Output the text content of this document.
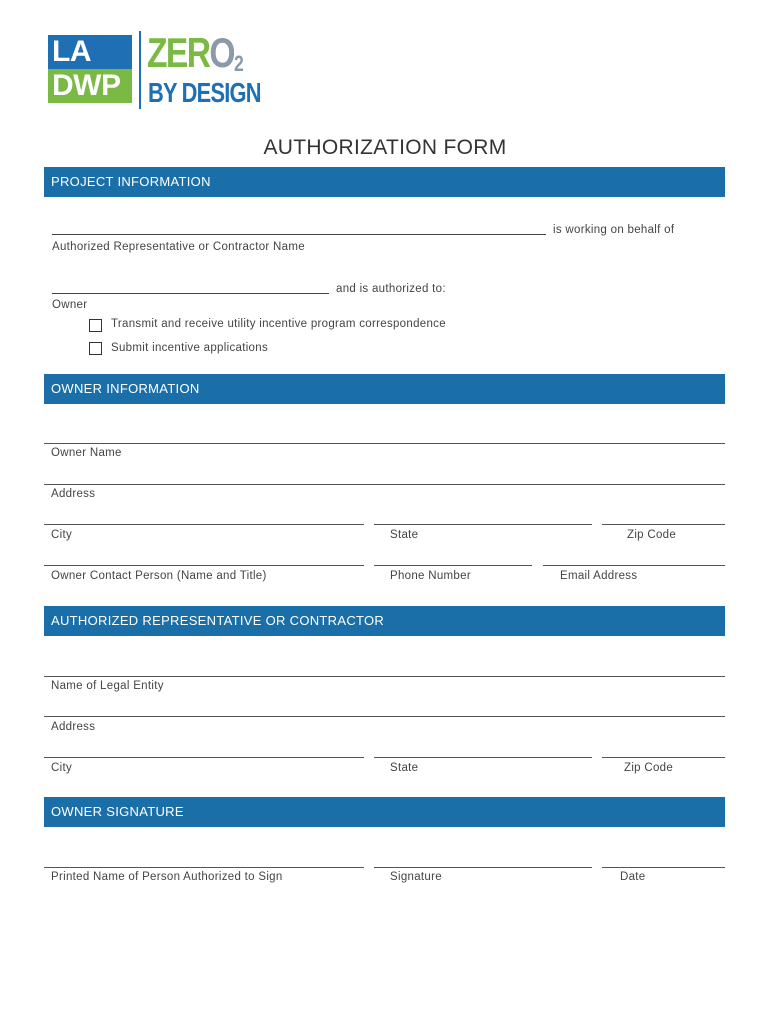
LA
DWP
$ZERO_2$
BY DESIGN
AUTHORIZATION FORM
PROJECT INFORMATION
is working on behalf of
Authorized Representative or Contractor Name
and is authorized to:
Owner
Transmit and receive utility incentive program correspondence
Submit incentive applications
OWNER INFORMATION
Owner Name
Address
City	State	Zip Code
Owner Contact Person (Name and Title)	Phone Number	Email Address
AUTHORIZED REPRESENTATIVE OR CONTRACTOR
Name of Legal Entity
Address
City	State	Zip Code
OWNER SIGNATURE
Printed Name of Person Authorized to Sign	Signature	Date
